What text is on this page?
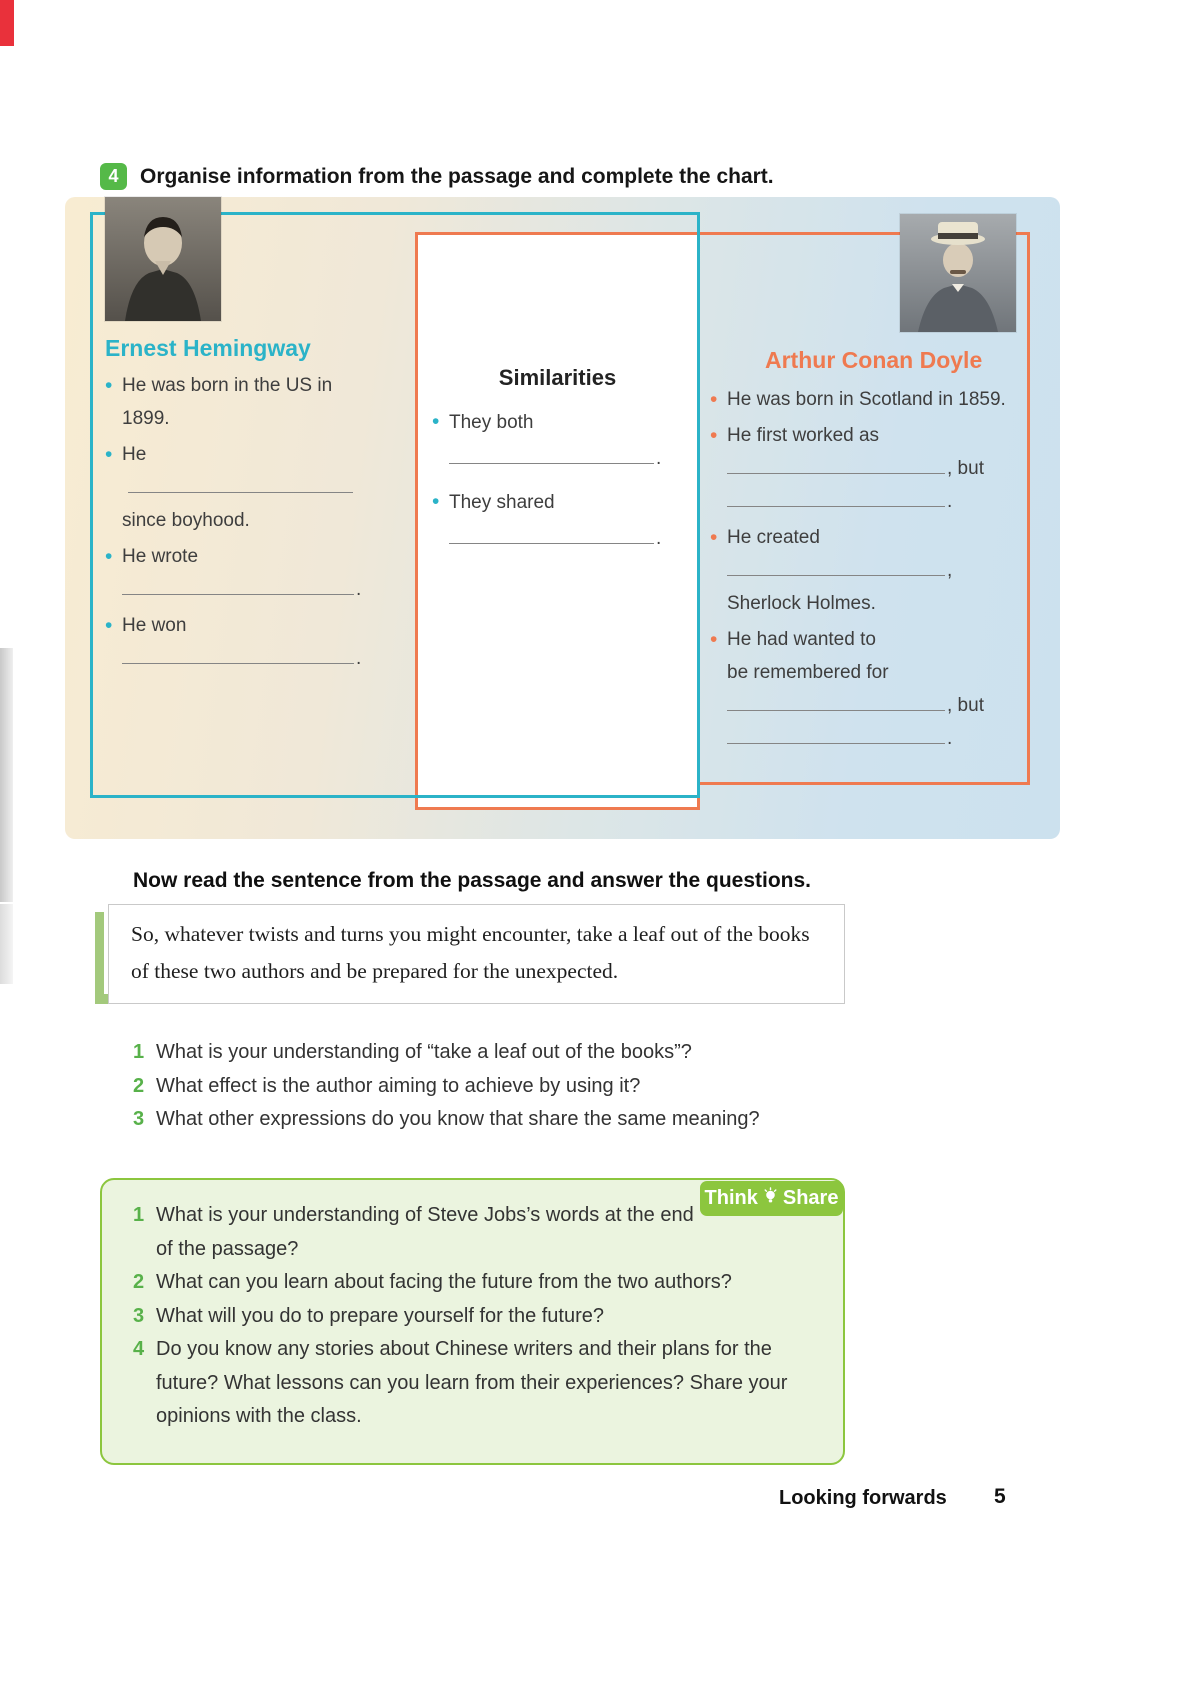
4	Organise information from the passage and complete the chart.
Similarities
• They both
.
• They shared
.
Ernest Hemingway
• He was born in the US in 1899.
• He
since boyhood.
• He wrote
.
• He won
.
Arthur Conan Doyle
• He was born in Scotland in 1859.
• He first worked as
, but
.
• He created
,
Sherlock Holmes.
• He had wanted to
be remembered for
, but
.
Now read the sentence from the passage and answer the questions.
So, whatever twists and turns you might encounter, take a leaf out of the books of these two authors and be prepared for the unexpected.
1 What is your understanding of “take a leaf out of the books”?
2 What effect is the author aiming to achieve by using it?
3 What other expressions do you know that share the same meaning?
Think Share
1 What is your understanding of Steve Jobs’s words at the end of the passage?
2 What can you learn about facing the future from the two authors?
3 What will you do to prepare yourself for the future?
4 Do you know any stories about Chinese writers and their plans for the future? What lessons can you learn from their experiences? Share your opinions with the class.
Looking forwards 5
